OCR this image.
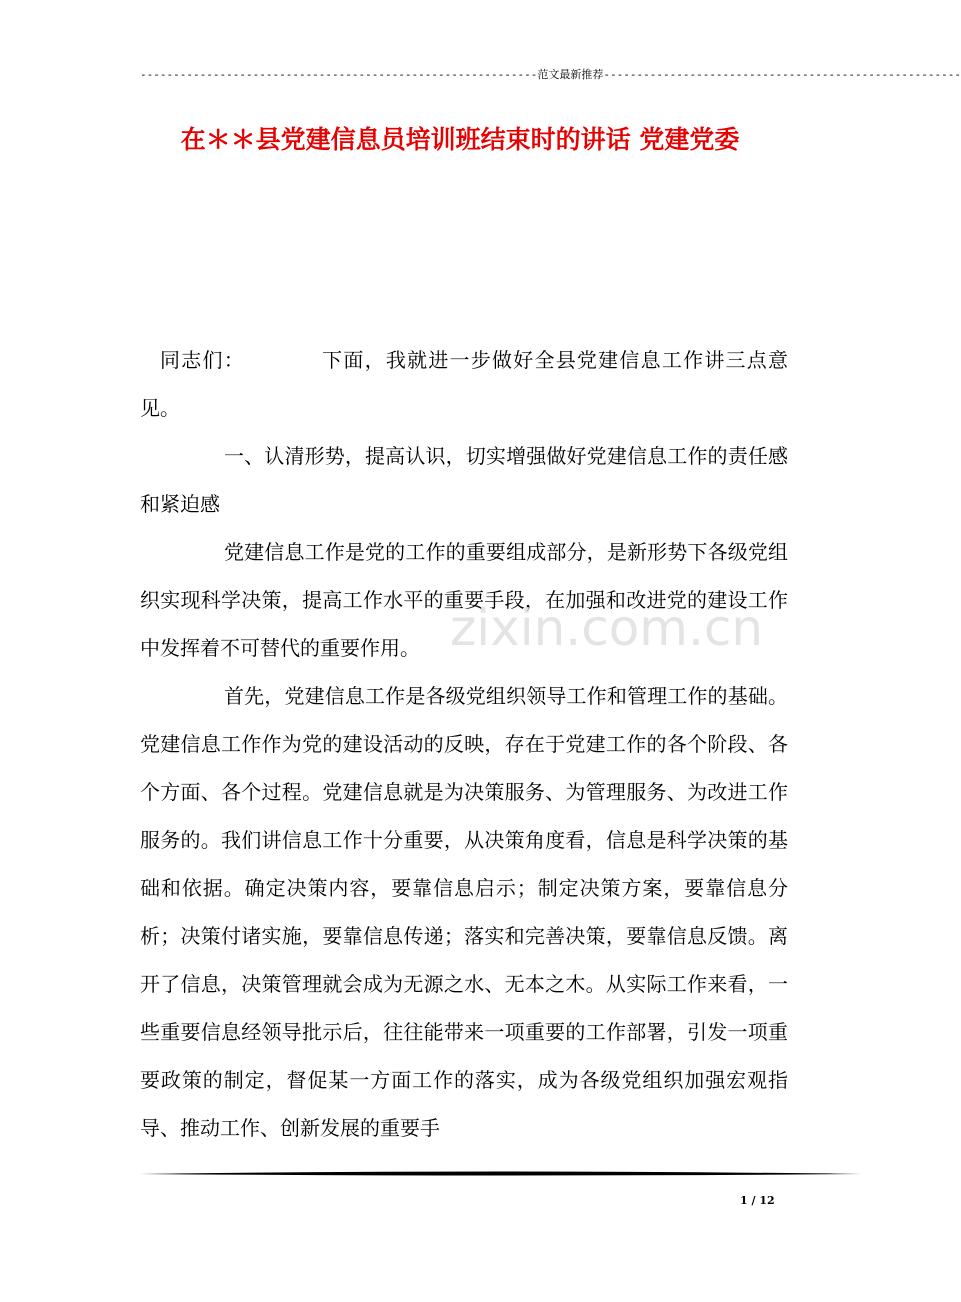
------------------------------------------------------------范文最新推荐------------------------------------------------------
在＊＊县党建信息员培训班结束时的讲话 党建党委

同志们：	下面，我就进一步做好全县党建信息工作讲三点意见。

一、认清形势，提高认识，切实增强做好党建信息工作的责任感和紧迫感

党建信息工作是党的工作的重要组成部分，是新形势下各级党组织实现科学决策，提高工作水平的重要手段，在加强和改进党的建设工作中发挥着不可替代的重要作用。

首先，党建信息工作是各级党组织领导工作和管理工作的基础。党建信息工作作为党的建设活动的反映，存在于党建工作的各个阶段、各个方面、各个过程。党建信息就是为决策服务、为管理服务、为改进工作服务的。我们讲信息工作十分重要，从决策角度看，信息是科学决策的基础和依据。确定决策内容，要靠信息启示；制定决策方案，要靠信息分析；决策付诸实施，要靠信息传递；落实和完善决策，要靠信息反馈。离开了信息，决策管理就会成为无源之水、无本之木。从实际工作来看，一些重要信息经领导批示后，往往能带来一项重要的工作部署，引发一项重要政策的制定，督促某一方面工作的落实，成为各级党组织加强宏观指导、推动工作、创新发展的重要手

zixin.com.cn
1 / 12
